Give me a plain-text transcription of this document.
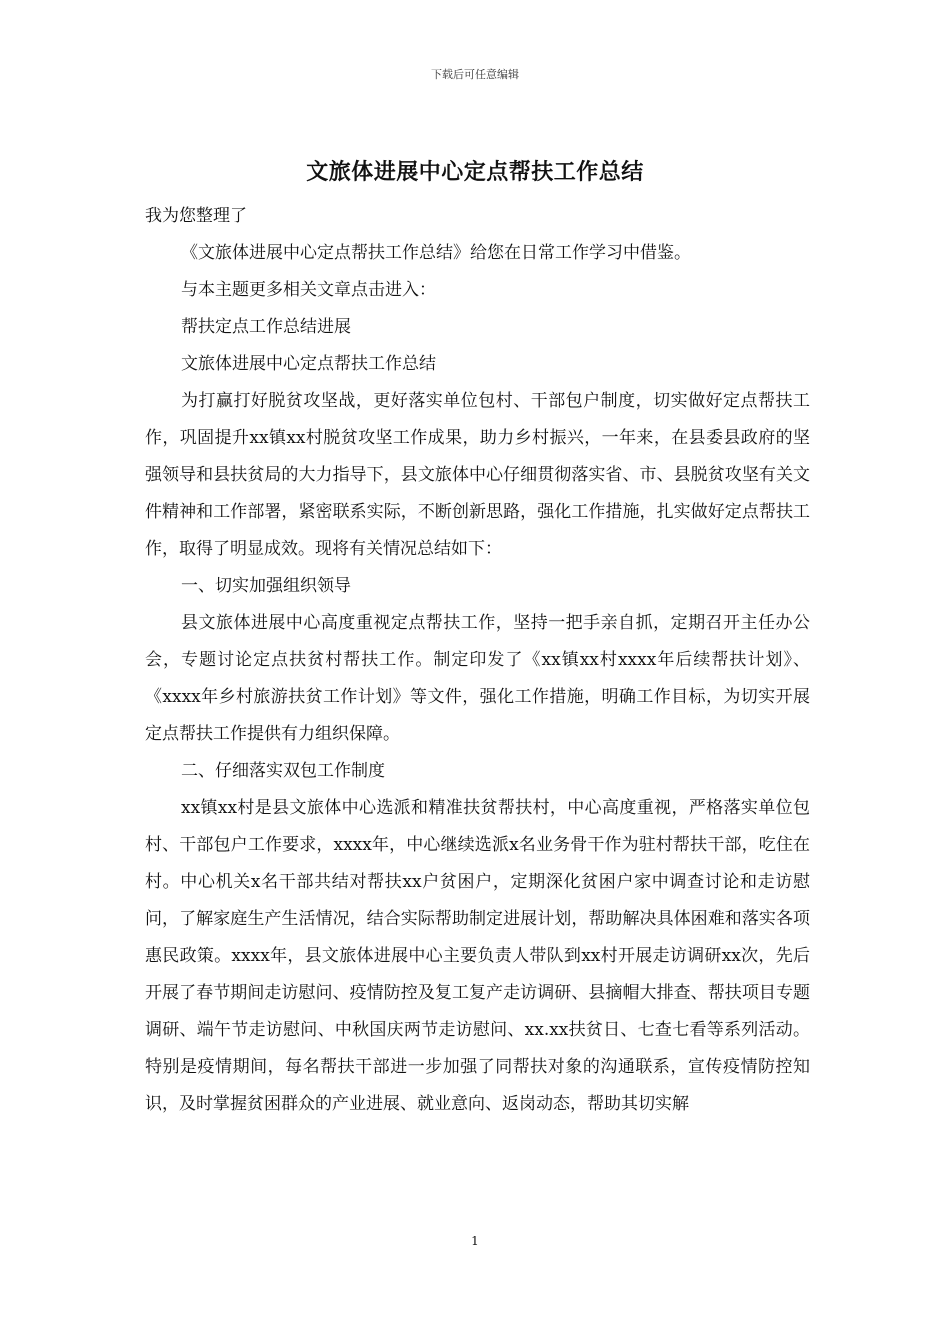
下载后可任意编辑
文旅体进展中心定点帮扶工作总结

我为您整理了

《文旅体进展中心定点帮扶工作总结》给您在日常工作学习中借鉴。

与本主题更多相关文章点击进入：

帮扶定点工作总结进展

文旅体进展中心定点帮扶工作总结

为打赢打好脱贫攻坚战，更好落实单位包村、干部包户制度，切实做好定点帮扶工作，巩固提升xx镇xx村脱贫攻坚工作成果，助力乡村振兴，一年来，在县委县政府的坚强领导和县扶贫局的大力指导下，县文旅体中心仔细贯彻落实省、市、县脱贫攻坚有关文件精神和工作部署，紧密联系实际，不断创新思路，强化工作措施，扎实做好定点帮扶工作，取得了明显成效。现将有关情况总结如下：

一、切实加强组织领导

县文旅体进展中心高度重视定点帮扶工作，坚持一把手亲自抓，定期召开主任办公会，专题讨论定点扶贫村帮扶工作。制定印发了《xx镇xx村xxxx年后续帮扶计划》、《xxxx年乡村旅游扶贫工作计划》等文件，强化工作措施，明确工作目标，为切实开展定点帮扶工作提供有力组织保障。

二、仔细落实双包工作制度

xx镇xx村是县文旅体中心选派和精准扶贫帮扶村，中心高度重视，严格落实单位包村、干部包户工作要求，xxxx年，中心继续选派x名业务骨干作为驻村帮扶干部，吃住在村。中心机关x名干部共结对帮扶xx户贫困户，定期深化贫困户家中调查讨论和走访慰问，了解家庭生产生活情况，结合实际帮助制定进展计划，帮助解决具体困难和落实各项惠民政策。xxxx年，县文旅体进展中心主要负责人带队到xx村开展走访调研xx次，先后开展了春节期间走访慰问、疫情防控及复工复产走访调研、县摘帽大排查、帮扶项目专题调研、端午节走访慰问、中秋国庆两节走访慰问、xx.xx扶贫日、七查七看等系列活动。特别是疫情期间，每名帮扶干部进一步加强了同帮扶对象的沟通联系，宣传疫情防控知识，及时掌握贫困群众的产业进展、就业意向、返岗动态，帮助其切实解

1
